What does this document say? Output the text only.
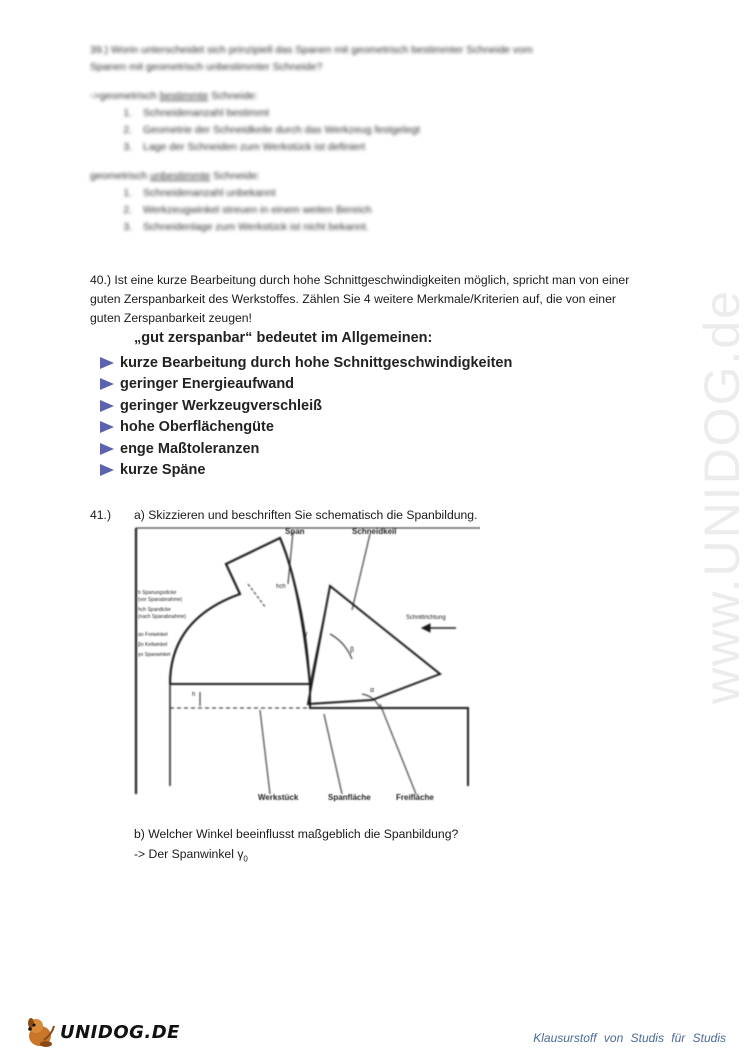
www.UNIDOG.de

39.) Worin unterscheidet sich prinzipiell das Spanen mit geometrisch bestimmter Schneide vom

Spanen mit geometrisch unbestimmter Schneide?

->geometrisch bestimmte Schneide:

1. Schneidenanzahl bestimmt
2. Geometrie der Schneidkeile durch das Werkzeug festgelegt
3. Lage der Schneiden zum Werkstück ist definiert

geometrisch unbestimmte Schneide:

1. Schneidenanzahl unbekannt
2. Werkzeugwinkel streuen in einem weiten Bereich
3. Schneidenlage zum Werkstück ist nicht bekannt.

40.) Ist eine kurze Bearbeitung durch hohe Schnittgeschwindigkeiten möglich, spricht man von einer

guten Zerspanbarkeit des Werkstoffes. Zählen Sie 4 weitere Merkmale/Kriterien auf, die von einer

guten Zerspanbarkeit zeugen!

„gut zerspanbar“ bedeutet im Allgemeinen:
kurze Bearbeitung durch hohe Schnittgeschwindigkeiten
geringer Energieaufwand
geringer Werkzeugverschleiß
hohe Oberflächengüte
enge Maßtoleranzen
kurze Späne
41.) a) Skizzieren und beschriften Sie schematisch die Spanbildung.
Span	Schneidkeil
Schnittrichtung
Werkstück	Spanfläche	Freifläche
h Spanungsdicke
(vor Spanabnahme)
hch Spandicke
(nach Spanabnahme)
αo Freiwinkel
βo Keilwinkel
γo Spanwinkel
β
α
γ
h
hch

b) Welcher Winkel beeinflusst maßgeblich die Spanbildung?

-> Der Spanwinkel $\gamma_0$

UNIDOG.DE	Klausurstoff von Studis für Studis
